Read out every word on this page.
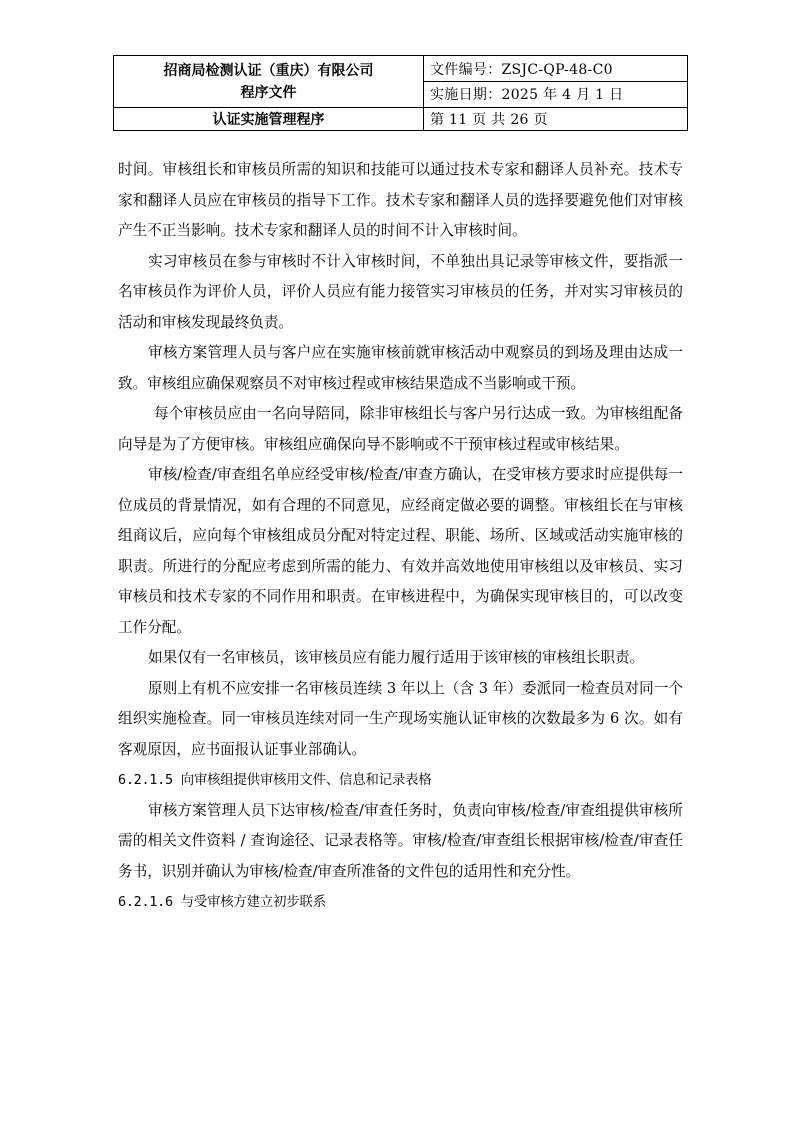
招商局检测认证（重庆）有限公司
程序文件
认证实施管理程序
文件编号：ZSJC-QP-48-C0
实施日期：2025 年 4 月 1 日
第 11 页 共 26 页

时间。审核组长和审核员所需的知识和技能可以通过技术专家和翻译人员补充。技术专家和翻译人员应在审核员的指导下工作。技术专家和翻译人员的选择要避免他们对审核产生不正当影响。技术专家和翻译人员的时间不计入审核时间。

实习审核员在参与审核时不计入审核时间，不单独出具记录等审核文件，要指派一名审核员作为评价人员，评价人员应有能力接管实习审核员的任务，并对实习审核员的活动和审核发现最终负责。

审核方案管理人员与客户应在实施审核前就审核活动中观察员的到场及理由达成一致。审核组应确保观察员不对审核过程或审核结果造成不当影响或干预。

每个审核员应由一名向导陪同，除非审核组长与客户另行达成一致。为审核组配备向导是为了方便审核。审核组应确保向导不影响或不干预审核过程或审核结果。

审核/检查/审查组名单应经受审核/检查/审查方确认，在受审核方要求时应提供每一位成员的背景情况，如有合理的不同意见，应经商定做必要的调整。审核组长在与审核组商议后，应向每个审核组成员分配对特定过程、职能、场所、区域或活动实施审核的职责。所进行的分配应考虑到所需的能力、有效并高效地使用审核组以及审核员、实习审核员和技术专家的不同作用和职责。在审核进程中，为确保实现审核目的，可以改变工作分配。

如果仅有一名审核员，该审核员应有能力履行适用于该审核的审核组长职责。

原则上有机不应安排一名审核员连续 3 年以上（含 3 年）委派同一检查员对同一个组织实施检查。同一审核员连续对同一生产现场实施认证审核的次数最多为 6 次。如有客观原因，应书面报认证事业部确认。

6.2.1.5 向审核组提供审核用文件、信息和记录表格

审核方案管理人员下达审核/检查/审查任务时，负责向审核/检查/审查组提供审核所需的相关文件资料 / 查询途径、记录表格等。审核/检查/审查组长根据审核/检查/审查任务书，识别并确认为审核/检查/审查所准备的文件包的适用性和充分性。

6.2.1.6 与受审核方建立初步联系
